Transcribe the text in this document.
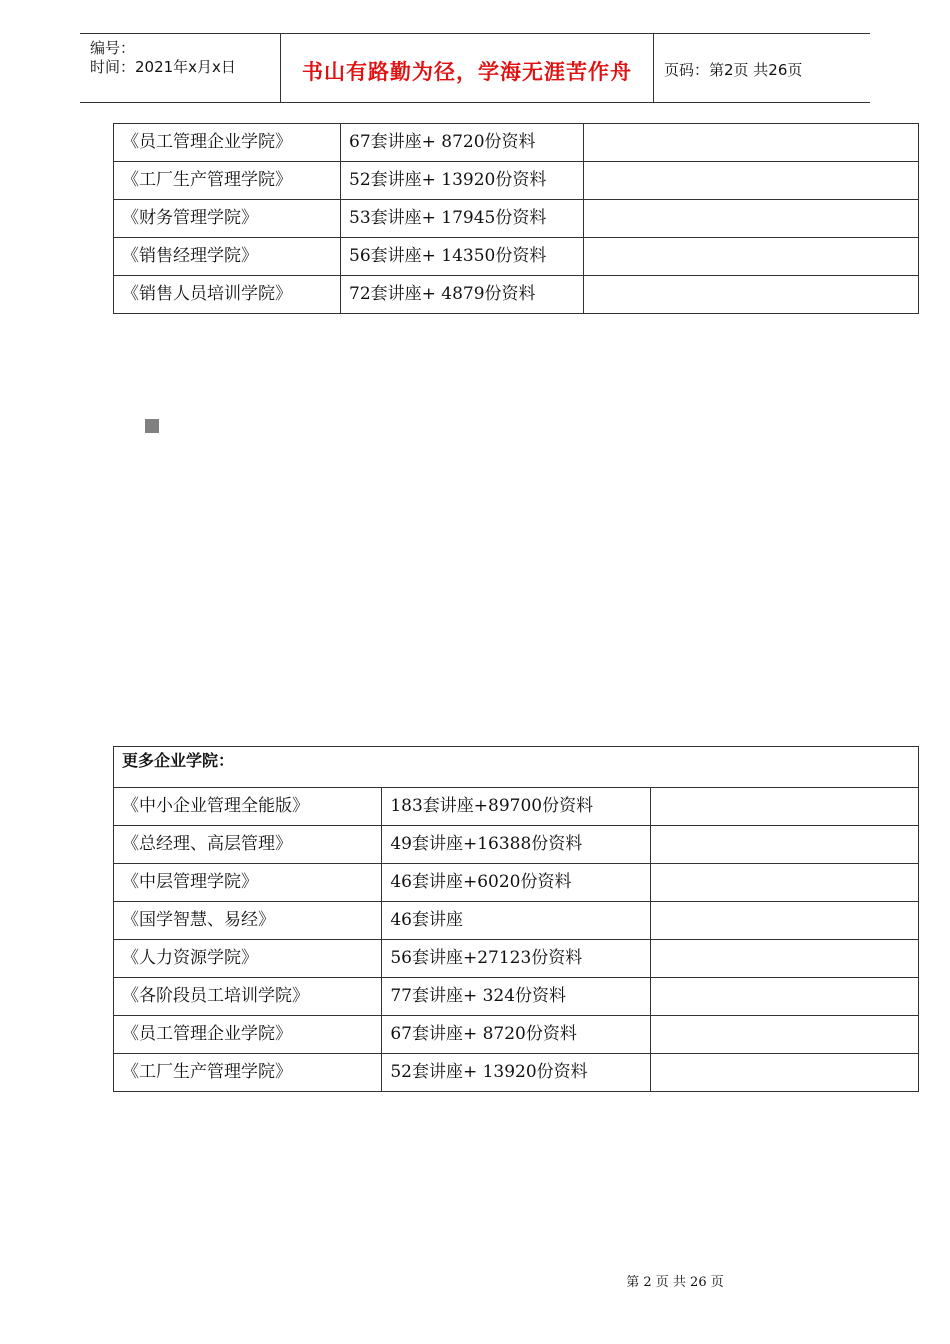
编号：
时间：2021年x月x日	书山有路勤为径，学海无涯苦作舟	页码：第2页 共26页
《员工管理企业学院》	67套讲座+ 8720份资料	
《工厂生产管理学院》	52套讲座+ 13920份资料	
《财务管理学院》	53套讲座+ 17945份资料	
《销售经理学院》	56套讲座+ 14350份资料	
《销售人员培训学院》	72套讲座+ 4879份资料	
更多企业学院：		
《中小企业管理全能版》	183套讲座+89700份资料	
《总经理、高层管理》	49套讲座+16388份资料	
《中层管理学院》	46套讲座+6020份资料	
《国学智慧、易经》	46套讲座	
《人力资源学院》	56套讲座+27123份资料	
《各阶段员工培训学院》	77套讲座+ 324份资料	
《员工管理企业学院》	67套讲座+ 8720份资料	
《工厂生产管理学院》	52套讲座+ 13920份资料	
第 2 页 共 26 页
